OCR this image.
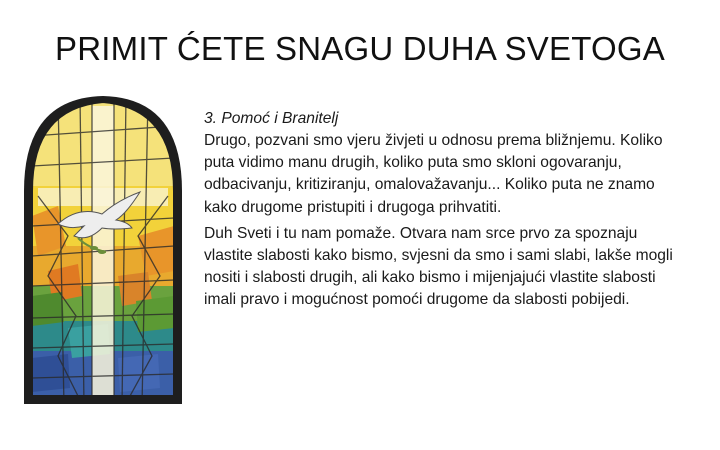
PRIMIT ĆETE SNAGU DUHA SVETOGA

3. Pomoć i Branitelj

Drugo, pozvani smo vjeru živjeti u odnosu prema bližnjemu. Koliko puta vidimo manu drugih, koliko puta smo skloni ogovaranju, odbacivanju, kritiziranju, omalovažavanju... Koliko puta ne znamo kako drugome pristupiti i drugoga prihvatiti.

Duh Sveti i tu nam pomaže. Otvara nam srce prvo za spoznaju vlastite slabosti kako bismo, svjesni da smo i sami slabi, lakše mogli nositi i slabosti drugih, ali kako bismo i mijenjajući vlastite slabosti imali pravo i mogućnost pomoći drugome da slabosti pobijedi.
